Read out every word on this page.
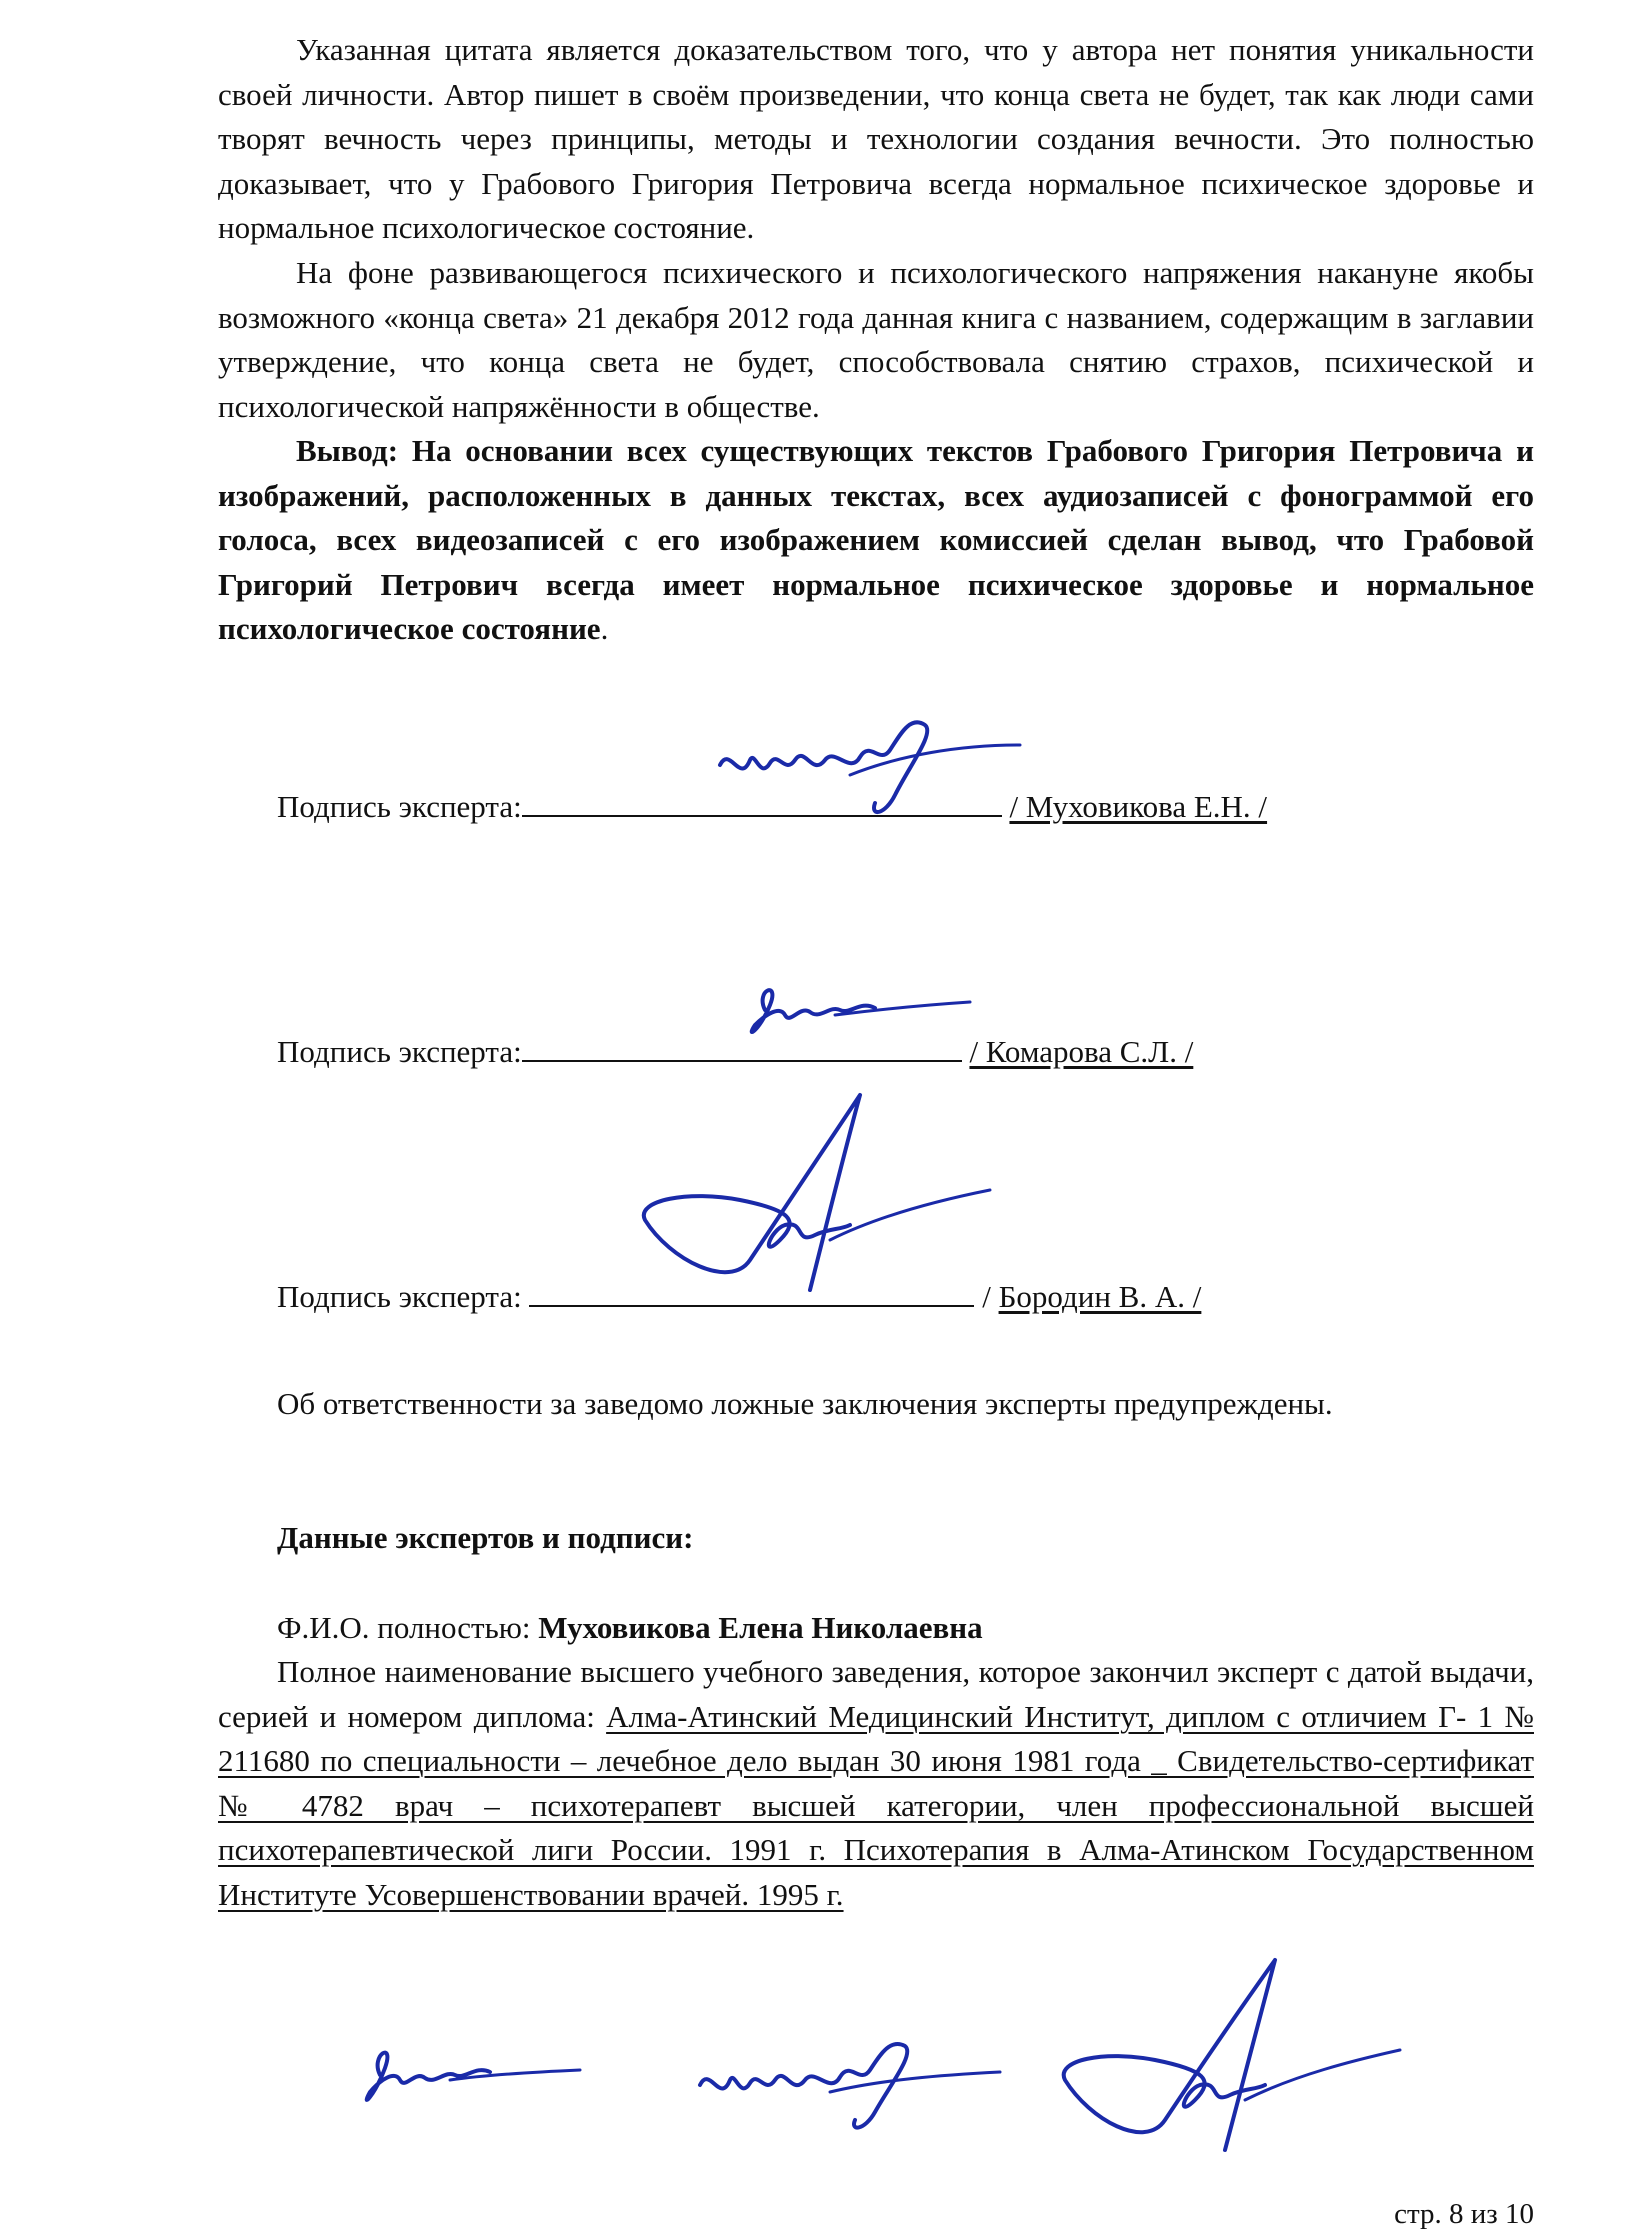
Указанная цитата является доказательством того, что у автора нет понятия уникальности своей личности. Автор пишет в своём произведении, что конца света не будет, так как люди сами творят вечность через принципы, методы и технологии создания вечности. Это полностью доказывает, что у Грабового Григория Петровича всегда нормальное психическое здоровье и нормальное психологическое состояние.

На фоне развивающегося психического и психологического напряжения накануне якобы возможного «конца света» 21 декабря 2012 года данная книга с названием, содержащим в заглавии утверждение, что конца света не будет, способствовала снятию страхов, психической и психологической напряжённости в обществе.

Вывод: На основании всех существующих текстов Грабового Григория Петровича и изображений, расположенных в данных текстах, всех аудиозаписей с фонограммой его голоса, всех видеозаписей с его изображением комиссией сделан вывод, что Грабовой Григорий Петрович всегда имеет нормальное психическое здоровье и нормальное психологическое состояние.

Подпись эксперта:	/ Муховикова Е.Н. /
Подпись эксперта:	/ Комарова С.Л. /
Подпись эксперта:	/ Бородин В. А. /
Об ответственности за заведомо ложные заключения эксперты предупреждены.
Данные экспертов и подписи:
Ф.И.О. полностью: Муховикова Елена Николаевна

Полное наименование высшего учебного заведения, которое закончил эксперт с датой выдачи, серией и номером диплома: Алма-Атинский Медицинский Институт, диплом с отличием Г- 1 № 211680 по специальности – лечебное дело выдан 30 июня 1981 года _ Свидетельство-сертификат № 4782 врач – психотерапевт высшей категории, член профессиональной высшей психотерапевтической лиги России. 1991 г. Психотерапия в Алма-Атинском Государственном Институте Усовершенствовании врачей. 1995 г.

стр. 8 из 10
